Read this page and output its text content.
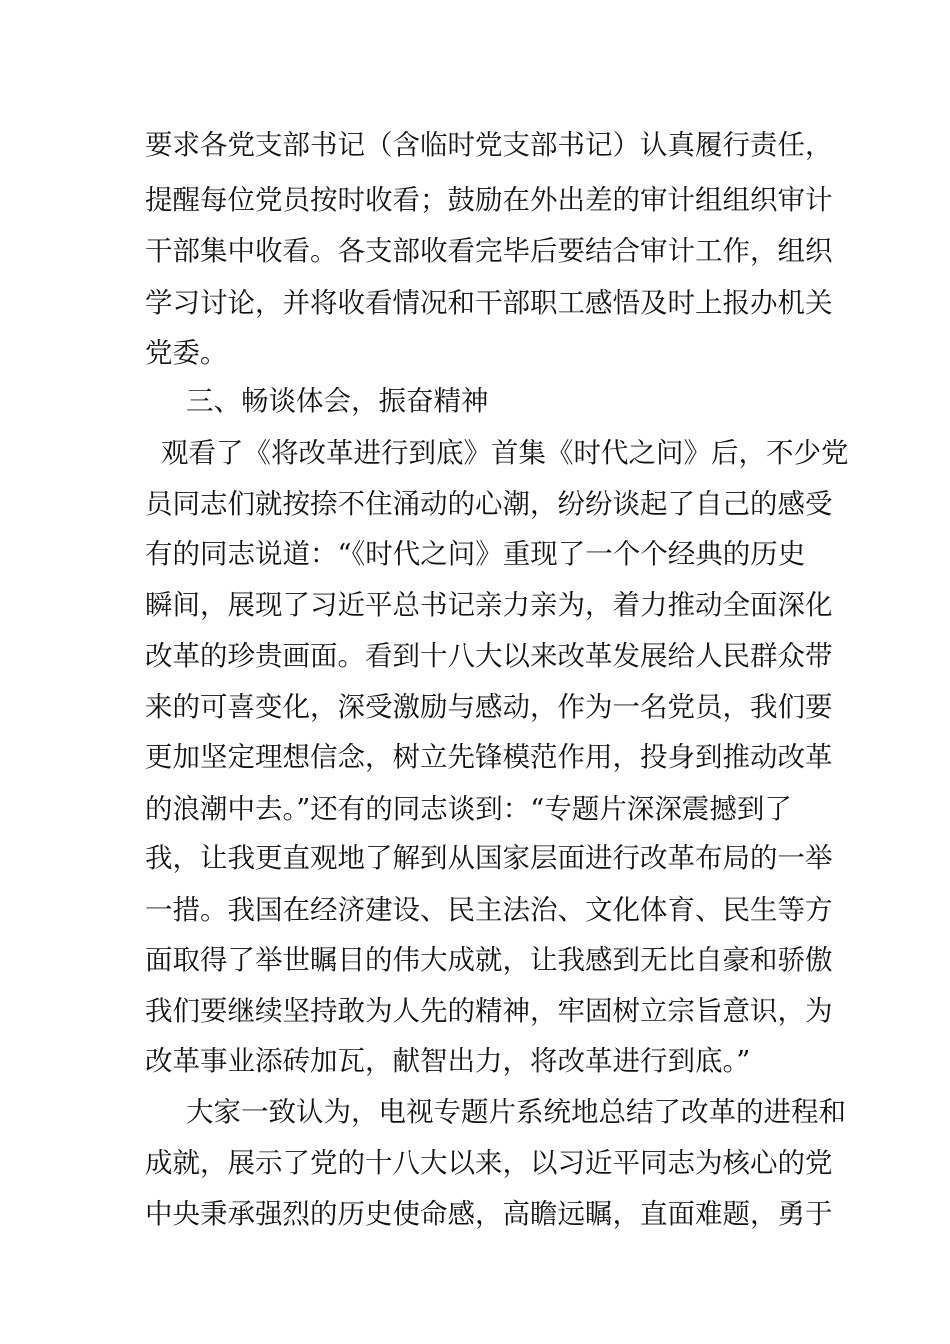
要求各党支部书记（含临时党支部书记）认真履行责任，
提醒每位党员按时收看；鼓励在外出差的审计组组织审计
干部集中收看。各支部收看完毕后要结合审计工作，组织
学习讨论，并将收看情况和干部职工感悟及时上报办机关
党委。
三、畅谈体会，振奋精神
观看了《将改革进行到底》首集《时代之问》后，不少党
员同志们就按捺不住涌动的心潮，纷纷谈起了自己的感受
有的同志说道：“《时代之问》重现了一个个经典的历史
瞬间，展现了习近平总书记亲力亲为，着力推动全面深化
改革的珍贵画面。看到十八大以来改革发展给人民群众带
来的可喜变化，深受激励与感动，作为一名党员，我们要
更加坚定理想信念，树立先锋模范作用，投身到推动改革
的浪潮中去。”还有的同志谈到：“专题片深深震撼到了
我，让我更直观地了解到从国家层面进行改革布局的一举
一措。我国在经济建设、民主法治、文化体育、民生等方
面取得了举世瞩目的伟大成就，让我感到无比自豪和骄傲
我们要继续坚持敢为人先的精神，牢固树立宗旨意识，为
改革事业添砖加瓦，献智出力，将改革进行到底。”
大家一致认为，电视专题片系统地总结了改革的进程和
成就，展示了党的十八大以来，以习近平同志为核心的党
中央秉承强烈的历史使命感，高瞻远瞩，直面难题，勇于
